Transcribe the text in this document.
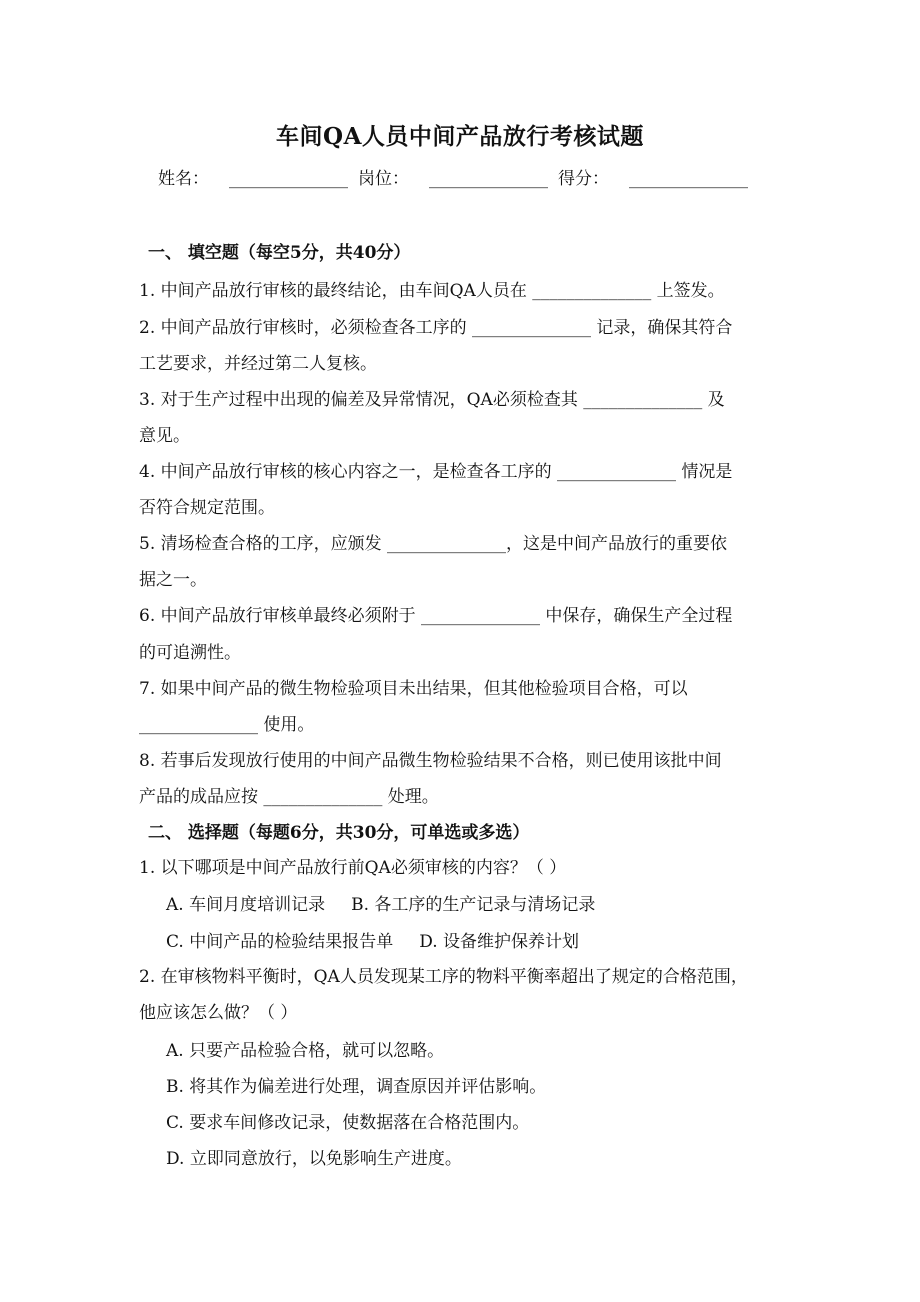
车间QA人员中间产品放行考核试题
姓名： ______________ 岗位： ______________ 得分： ______________
一、 填空题（每空5分，共40分）
1. 中间产品放行审核的最终结论，由车间QA人员在 ______________ 上签发。
2. 中间产品放行审核时，必须检查各工序的 ______________ 记录，确保其符合
工艺要求，并经过第二人复核。
3. 对于生产过程中出现的偏差及异常情况，QA必须检查其 ______________ 及
意见。
4. 中间产品放行审核的核心内容之一，是检查各工序的 ______________ 情况是
否符合规定范围。
5. 清场检查合格的工序，应颁发 ______________，这是中间产品放行的重要依
据之一。
6. 中间产品放行审核单最终必须附于 ______________ 中保存，确保生产全过程
的可追溯性。
7. 如果中间产品的微生物检验项目未出结果，但其他检验项目合格，可以
______________ 使用。
8. 若事后发现放行使用的中间产品微生物检验结果不合格，则已使用该批中间
产品的成品应按 ______________ 处理。
二、 选择题（每题6分，共30分，可单选或多选）
1. 以下哪项是中间产品放行前QA必须审核的内容？（ ）
A. 车间月度培训记录 B. 各工序的生产记录与清场记录
C. 中间产品的检验结果报告单 D. 设备维护保养计划
2. 在审核物料平衡时，QA人员发现某工序的物料平衡率超出了规定的合格范围，
他应该怎么做？（ ）
A. 只要产品检验合格，就可以忽略。
B. 将其作为偏差进行处理，调查原因并评估影响。
C. 要求车间修改记录，使数据落在合格范围内。
D. 立即同意放行，以免影响生产进度。
